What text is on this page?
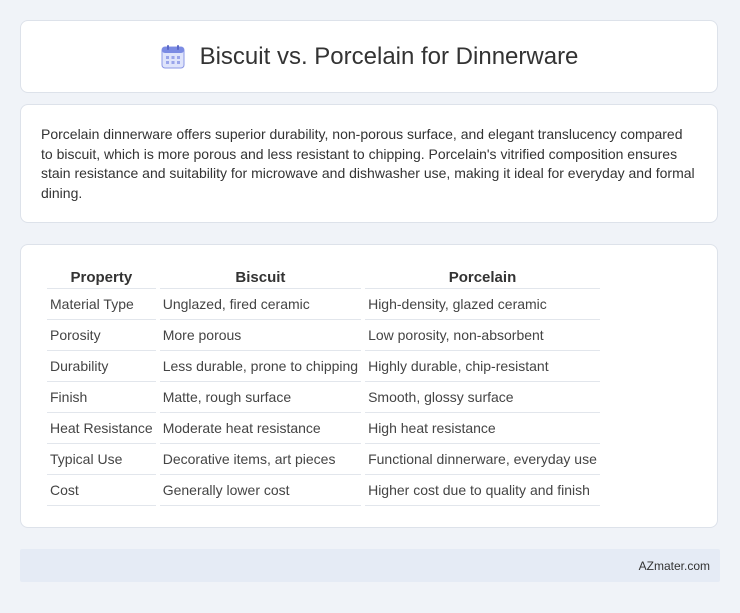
Biscuit vs. Porcelain for Dinnerware

Porcelain dinnerware offers superior durability, non-porous surface, and elegant translucency compared to biscuit, which is more porous and less resistant to chipping. Porcelain's vitrified composition ensures stain resistance and suitability for microwave and dishwasher use, making it ideal for everyday and formal dining.

Property	Biscuit	Porcelain
Material Type	Unglazed, fired ceramic	High-density, glazed ceramic
Porosity	More porous	Low porosity, non-absorbent
Durability	Less durable, prone to chipping	Highly durable, chip-resistant
Finish	Matte, rough surface	Smooth, glossy surface
Heat Resistance	Moderate heat resistance	High heat resistance
Typical Use	Decorative items, art pieces	Functional dinnerware, everyday use
Cost	Generally lower cost	Higher cost due to quality and finish
AZmater.com
